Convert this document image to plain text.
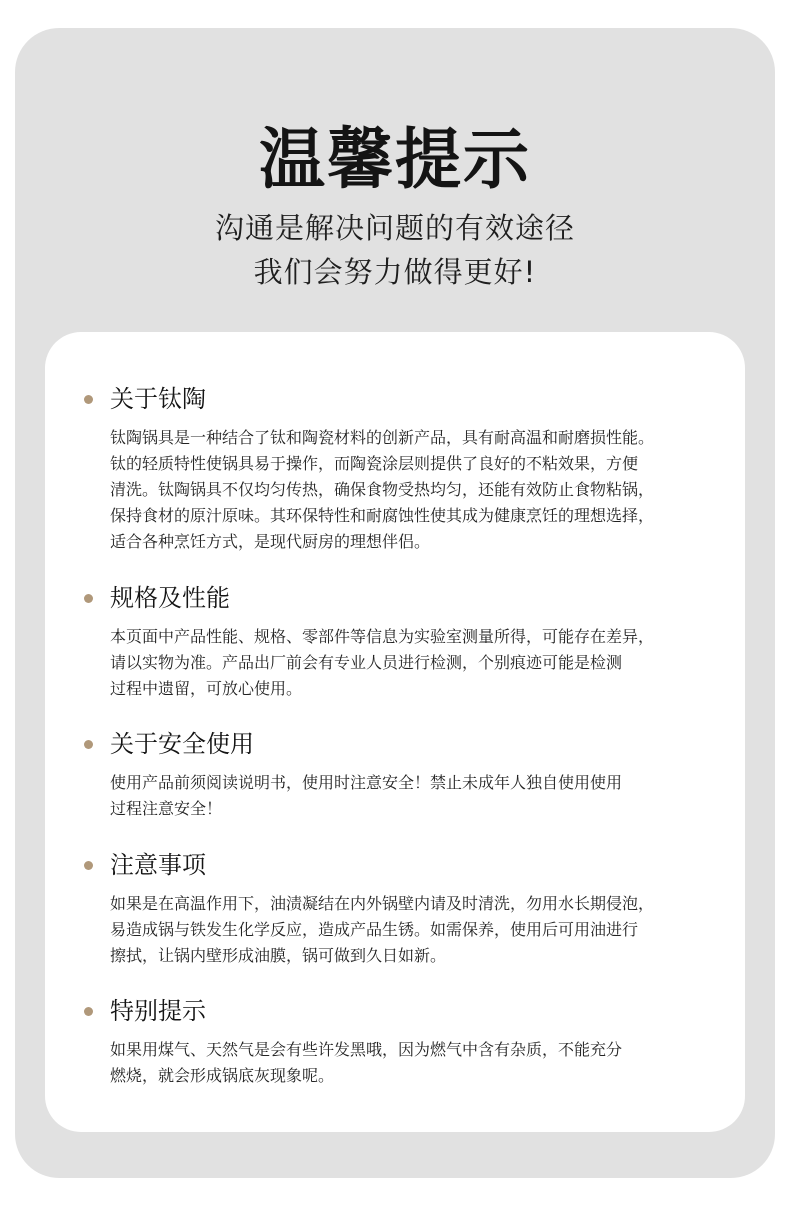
温馨提示
沟通是解决问题的有效途径
我们会努力做得更好!
关于钛陶

钛陶锅具是一种结合了钛和陶瓷材料的创新产品，具有耐高温和耐磨损性能。

钛的轻质特性使锅具易于操作，而陶瓷涂层则提供了良好的不粘效果，方便

清洗。钛陶锅具不仅均匀传热，确保食物受热均匀，还能有效防止食物粘锅，

保持食材的原汁原味。其环保特性和耐腐蚀性使其成为健康烹饪的理想选择，

适合各种烹饪方式，是现代厨房的理想伴侣。

规格及性能

本页面中产品性能、规格、零部件等信息为实验室测量所得，可能存在差异，

请以实物为准。产品出厂前会有专业人员进行检测，个别痕迹可能是检测

过程中遗留，可放心使用。

关于安全使用

使用产品前须阅读说明书，使用时注意安全！禁止未成年人独自使用使用

过程注意安全！

注意事项

如果是在高温作用下，油渍凝结在内外锅壁内请及时清洗，勿用水长期侵泡，

易造成锅与铁发生化学反应，造成产品生锈。如需保养，使用后可用油进行

擦拭，让锅内壁形成油膜，锅可做到久日如新。

特别提示

如果用煤气、天然气是会有些许发黑哦，因为燃气中含有杂质，不能充分

燃烧，就会形成锅底灰现象呢。
